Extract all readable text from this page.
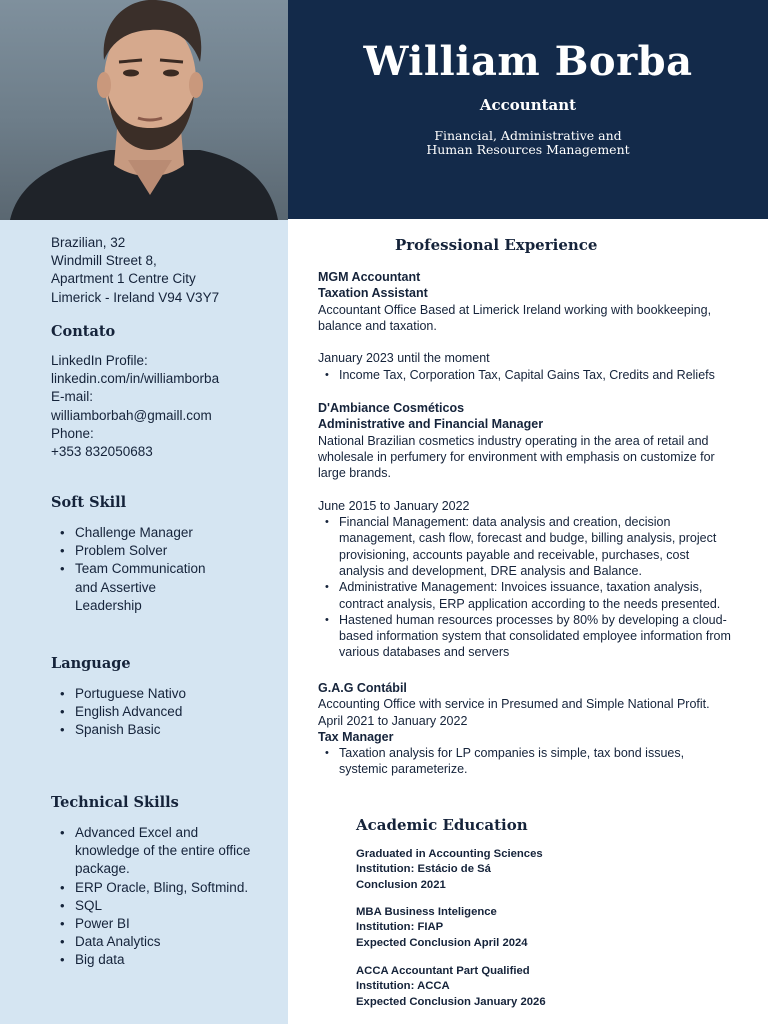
Brazilian, 32
Windmill Street 8,
Apartment 1 Centre City
Limerick - Ireland V94 V3Y7
Contato
LinkedIn Profile:
linkedin.com/in/williamborba
E-mail:
williamborbah@gmaill.com
Phone:
+353 832050683
Soft Skill
• Challenge Manager
• Problem Solver
• Team Communication
and Assertive
Leadership
Language
• Portuguese Nativo
• English Advanced
• Spanish Basic
Technical Skills
• Advanced Excel and knowledge of the entire office package.
• ERP Oracle, Bling, Softmind.
• SQL
• Power BI
• Data Analytics
• Big data
William Borba
Accountant
Financial, Administrative and
Human Resources Management
Professional Experience
MGM Accountant
Taxation Assistant
Accountant Office Based at Limerick Ireland working with bookkeeping, balance and taxation.
January 2023 until the moment
• Income Tax, Corporation Tax, Capital Gains Tax, Credits and Reliefs
D'Ambiance Cosméticos
Administrative and Financial Manager
National Brazilian cosmetics industry operating in the area of retail and wholesale in perfumery for environment with emphasis on customize for large brands.
June 2015 to January 2022
• Financial Management: data analysis and creation, decision management, cash flow, forecast and budge, billing analysis, project provisioning, accounts payable and receivable, purchases, cost analysis and development, DRE analysis and Balance.
• Administrative Management: Invoices issuance, taxation analysis, contract analysis, ERP application according to the needs presented.
• Hastened human resources processes by 80% by developing a cloud-based information system that consolidated employee information from various databases and servers
G.A.G Contábil
Accounting Office with service in Presumed and Simple National Profit.
April 2021 to January 2022
Tax Manager
• Taxation analysis for LP companies is simple, tax bond issues, systemic parameterize.
Academic Education
Graduated in Accounting Sciences
Institution: Estácio de Sá
Conclusion 2021
MBA Business Inteligence
Institution: FIAP
Expected Conclusion April 2024
ACCA Accountant Part Qualified
Institution: ACCA
Expected Conclusion January 2026
